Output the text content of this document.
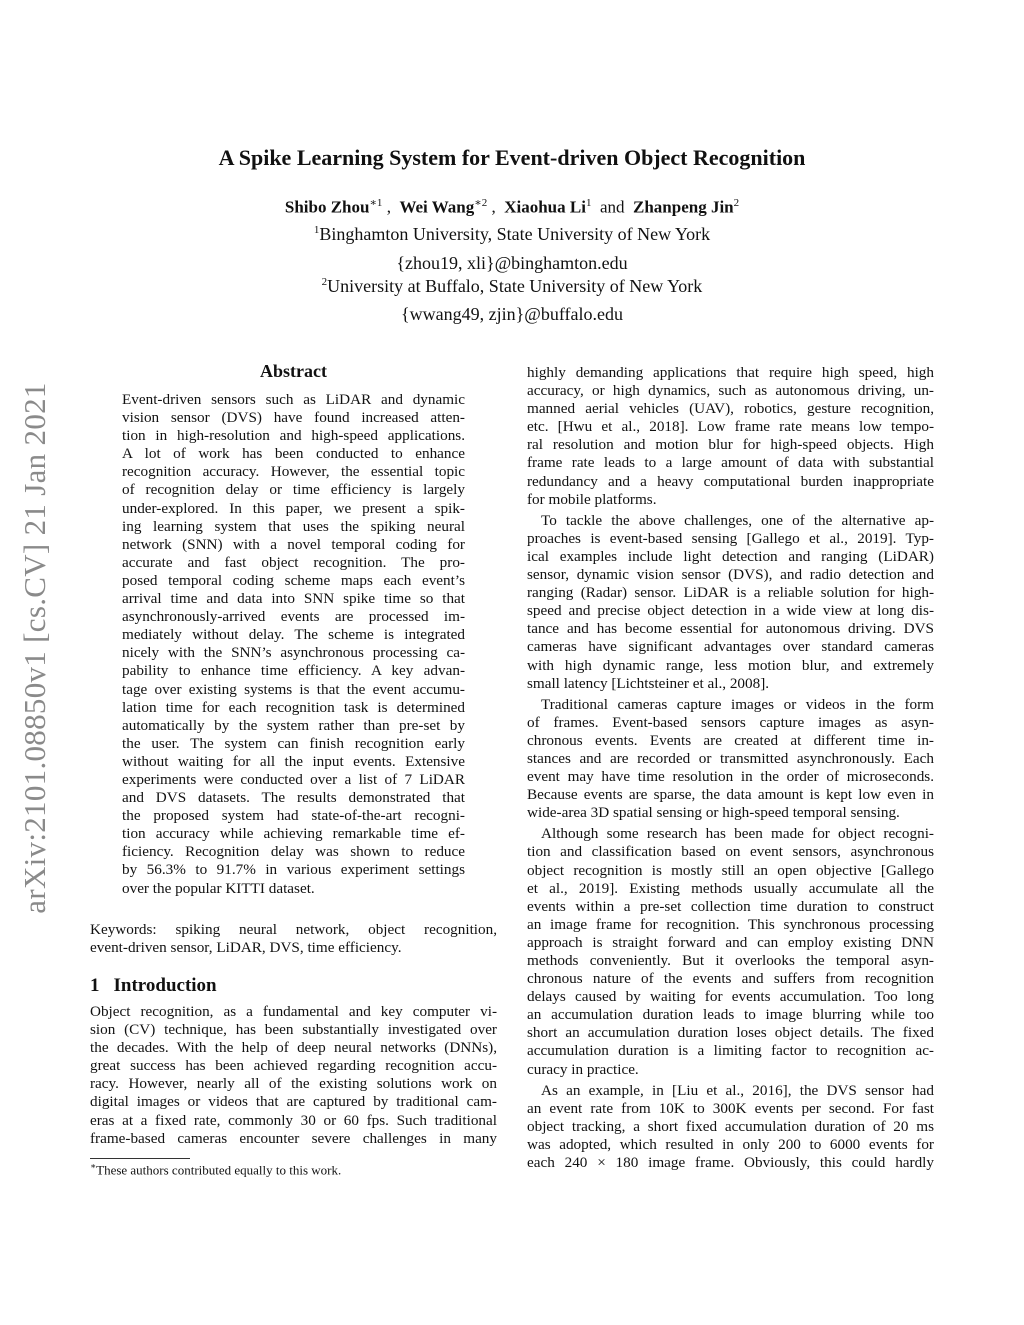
arXiv:2101.08850v1 [cs.CV] 21 Jan 2021
A Spike Learning System for Event-driven Object Recognition
Shibo Zhou$^{∗1}$ , Wei Wang$^{∗2}$ , Xiaohua Li$^1$ and Zhanpeng Jin$^2$
$^1$Binghamton University, State University of New York
{zhou19, xli}@binghamton.edu
$^2$University at Buffalo, State University of New York
{wwang49, zjin}@buffalo.edu
Abstract
Event-driven sensors such as LiDAR and dynamic
vision sensor (DVS) have found increased atten-
tion in high-resolution and high-speed applications.
A lot of work has been conducted to enhance
recognition accuracy. However, the essential topic
of recognition delay or time efficiency is largely
under-explored. In this paper, we present a spik-
ing learning system that uses the spiking neural
network (SNN) with a novel temporal coding for
accurate and fast object recognition. The pro-
posed temporal coding scheme maps each event’s
arrival time and data into SNN spike time so that
asynchronously-arrived events are processed im-
mediately without delay. The scheme is integrated
nicely with the SNN’s asynchronous processing ca-
pability to enhance time efficiency. A key advan-
tage over existing systems is that the event accumu-
lation time for each recognition task is determined
automatically by the system rather than pre-set by
the user. The system can finish recognition early
without waiting for all the input events. Extensive
experiments were conducted over a list of 7 LiDAR
and DVS datasets. The results demonstrated that
the proposed system had state-of-the-art recogni-
tion accuracy while achieving remarkable time ef-
ficiency. Recognition delay was shown to reduce
by 56.3% to 91.7% in various experiment settings
over the popular KITTI dataset.
Keywords: spiking neural network, object recognition,
event-driven sensor, LiDAR, DVS, time efficiency.
1 Introduction
Object recognition, as a fundamental and key computer vi-
sion (CV) technique, has been substantially investigated over
the decades. With the help of deep neural networks (DNNs),
great success has been achieved regarding recognition accu-
racy. However, nearly all of the existing solutions work on
digital images or videos that are captured by traditional cam-
eras at a fixed rate, commonly 30 or 60 fps. Such traditional
frame-based cameras encounter severe challenges in many
∗These authors contributed equally to this work.
highly demanding applications that require high speed, high
accuracy, or high dynamics, such as autonomous driving, un-
manned aerial vehicles (UAV), robotics, gesture recognition,
etc. [Hwu et al., 2018]. Low frame rate means low tempo-
ral resolution and motion blur for high-speed objects. High
frame rate leads to a large amount of data with substantial
redundancy and a heavy computational burden inappropriate
for mobile platforms.
To tackle the above challenges, one of the alternative ap-
proaches is event-based sensing [Gallego et al., 2019]. Typ-
ical examples include light detection and ranging (LiDAR)
sensor, dynamic vision sensor (DVS), and radio detection and
ranging (Radar) sensor. LiDAR is a reliable solution for high-
speed and precise object detection in a wide view at long dis-
tance and has become essential for autonomous driving. DVS
cameras have significant advantages over standard cameras
with high dynamic range, less motion blur, and extremely
small latency [Lichtsteiner et al., 2008].
Traditional cameras capture images or videos in the form
of frames. Event-based sensors capture images as asyn-
chronous events. Events are created at different time in-
stances and are recorded or transmitted asynchronously. Each
event may have time resolution in the order of microseconds.
Because events are sparse, the data amount is kept low even in
wide-area 3D spatial sensing or high-speed temporal sensing.
Although some research has been made for object recogni-
tion and classification based on event sensors, asynchronous
object recognition is mostly still an open objective [Gallego
et al., 2019]. Existing methods usually accumulate all the
events within a pre-set collection time duration to construct
an image frame for recognition. This synchronous processing
approach is straight forward and can employ existing DNN
methods conveniently. But it overlooks the temporal asyn-
chronous nature of the events and suffers from recognition
delays caused by waiting for events accumulation. Too long
an accumulation duration leads to image blurring while too
short an accumulation duration loses object details. The fixed
accumulation duration is a limiting factor to recognition ac-
curacy in practice.
As an example, in [Liu et al., 2016], the DVS sensor had
an event rate from 10K to 300K events per second. For fast
object tracking, a short fixed accumulation duration of 20 ms
was adopted, which resulted in only 200 to 6000 events for
each 240 × 180 image frame. Obviously, this could hardly
